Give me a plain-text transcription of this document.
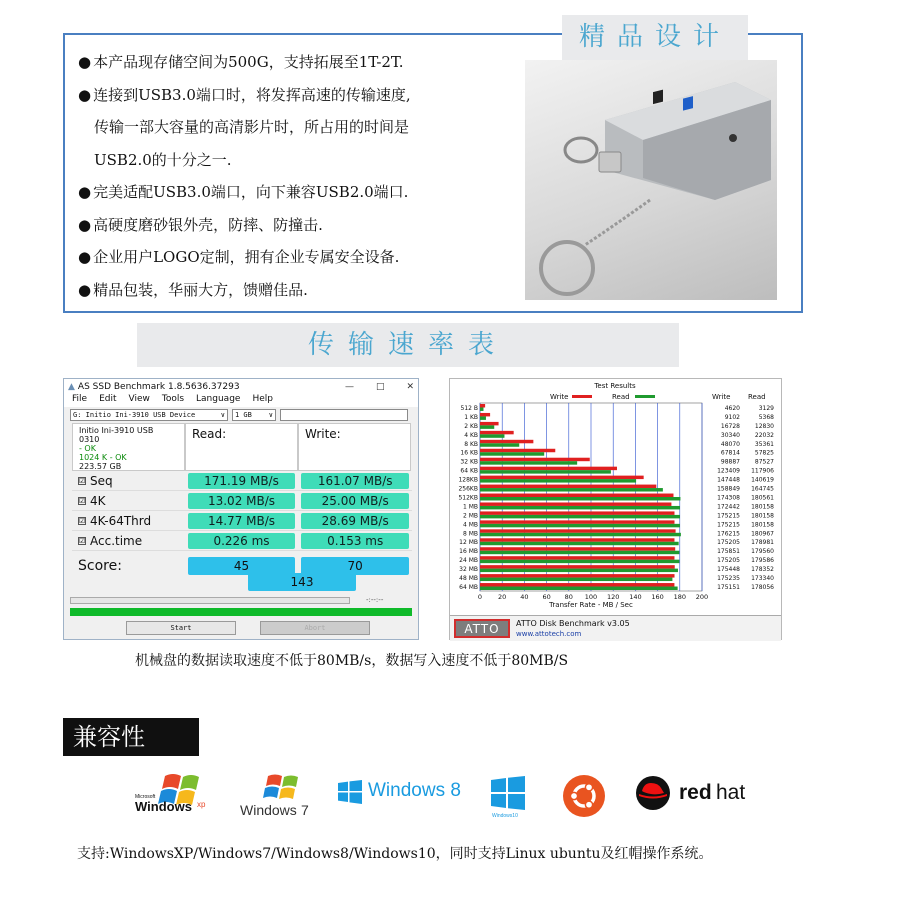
精品设计
● 本产品现存储空间为500G，支持拓展至1T-2T.
● 连接到USB3.0端口时，将发挥高速的传输速度,
传输一部大容量的高清影片时，所占用的时间是
USB2.0的十分之一.
● 完美适配USB3.0端口，向下兼容USB2.0端口.
● 高硬度磨砂银外壳，防摔、防撞击.
● 企业用户LOGO定制，拥有企业专属安全设备.
● 精品包装，华丽大方，馈赠佳品.
传输速率表
▲ AS SSD Benchmark 1.8.5636.37293	— □ ✕
File Edit View Tools Language Help
G: Initio Ini-3910 USB Device	∨ 1 GB ∨
Initio Ini-3910 USB
0310
- OK
1024 K - OK
223.57 GB
Read:	Write:
☑ Seq	171.19 MB/s	161.07 MB/s
☑ 4K	13.02 MB/s	25.00 MB/s
☑ 4K-64Thrd	14.77 MB/s	28.69 MB/s
☑ Acc.time	0.226 ms	0.153 ms
Score:	45	70
143
-:--:--
Start	Abort
Test Results
Write	Read	Write	Read
0 20 40 60 80 100 120 140 160 180 200
Transfer Rate - MB / Sec
512 B	4620	3129
1 KB	9102	5368
2 KB	16728 12830
4 KB	30340 22032
8 KB	48070 35361
16 KB	67814 57825
32 KB	98887 87527
64 KB	123409 117906
128KB	147448 140619
256KB	158849 164745
512KB	174308 180561
1 MB	172442 180158
2 MB	175215 180158
4 MB	175215 180158
8 MB	176215 180967
12 MB	175205 178981
16 MB	175851 179560
24 MB	175205 179586
32 MB	175448 178352
48 MB	175235 173340
64 MB	175151 178056
ATTO	ATTO Disk Benchmark v3.05
www.attotech.com
机械盘的数据读取速度不低于80MB/s，数据写入速度不低于80MB/S
兼容性
Microsoft
Windows xp Windows 7
Windows 8
Windows10
red hat
支持:WindowsXP/Windows7/Windows8/Windows10，同时支持Linux ubuntu及红帽操作系统。
